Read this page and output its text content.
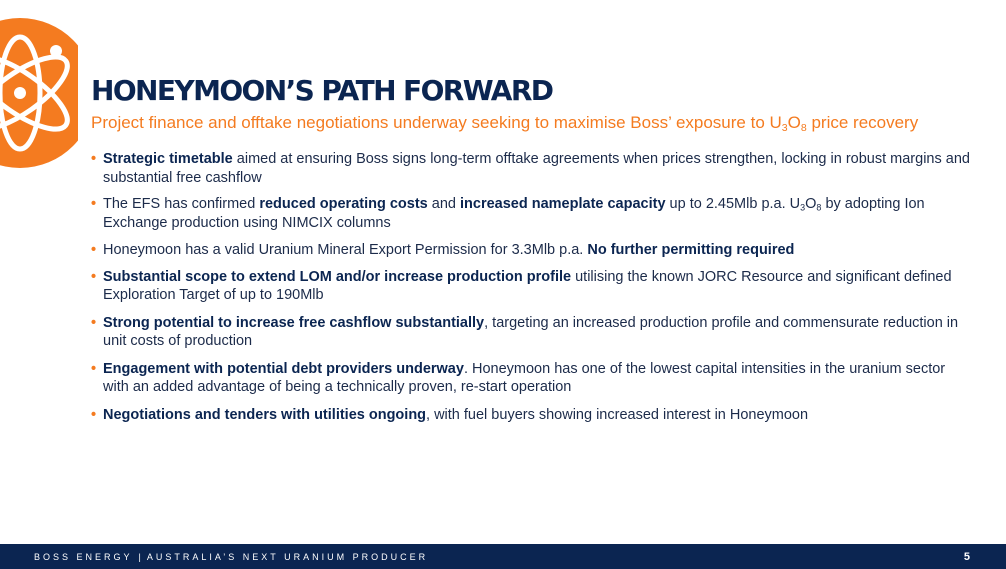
HONEYMOON’S PATH FORWARD

Project finance and offtake negotiations underway seeking to maximise Boss’ exposure to $U_3O_8$ price recovery

• Strategic timetable aimed at ensuring Boss signs long-term offtake agreements when prices strengthen, locking in robust margins and substantial free cashflow
• The EFS has confirmed reduced operating costs and increased nameplate capacity up to 2.45Mlb p.a. $U_3O_8$ by adopting Ion Exchange production using NIMCIX columns
• Honeymoon has a valid Uranium Mineral Export Permission for 3.3Mlb p.a. No further permitting required
• Substantial scope to extend LOM and/or increase production profile utilising the known JORC Resource and significant defined Exploration Target of up to 190Mlb
• Strong potential to increase free cashflow substantially, targeting an increased production profile and commensurate reduction in unit costs of production
• Engagement with potential debt providers underway. Honeymoon has one of the lowest capital intensities in the uranium sector with an added advantage of being a technically proven, re-start operation
• Negotiations and tenders with utilities ongoing, with fuel buyers showing increased interest in Honeymoon
BOSS ENERGY | AUSTRALIA’S NEXT URANIUM PRODUCER	5
